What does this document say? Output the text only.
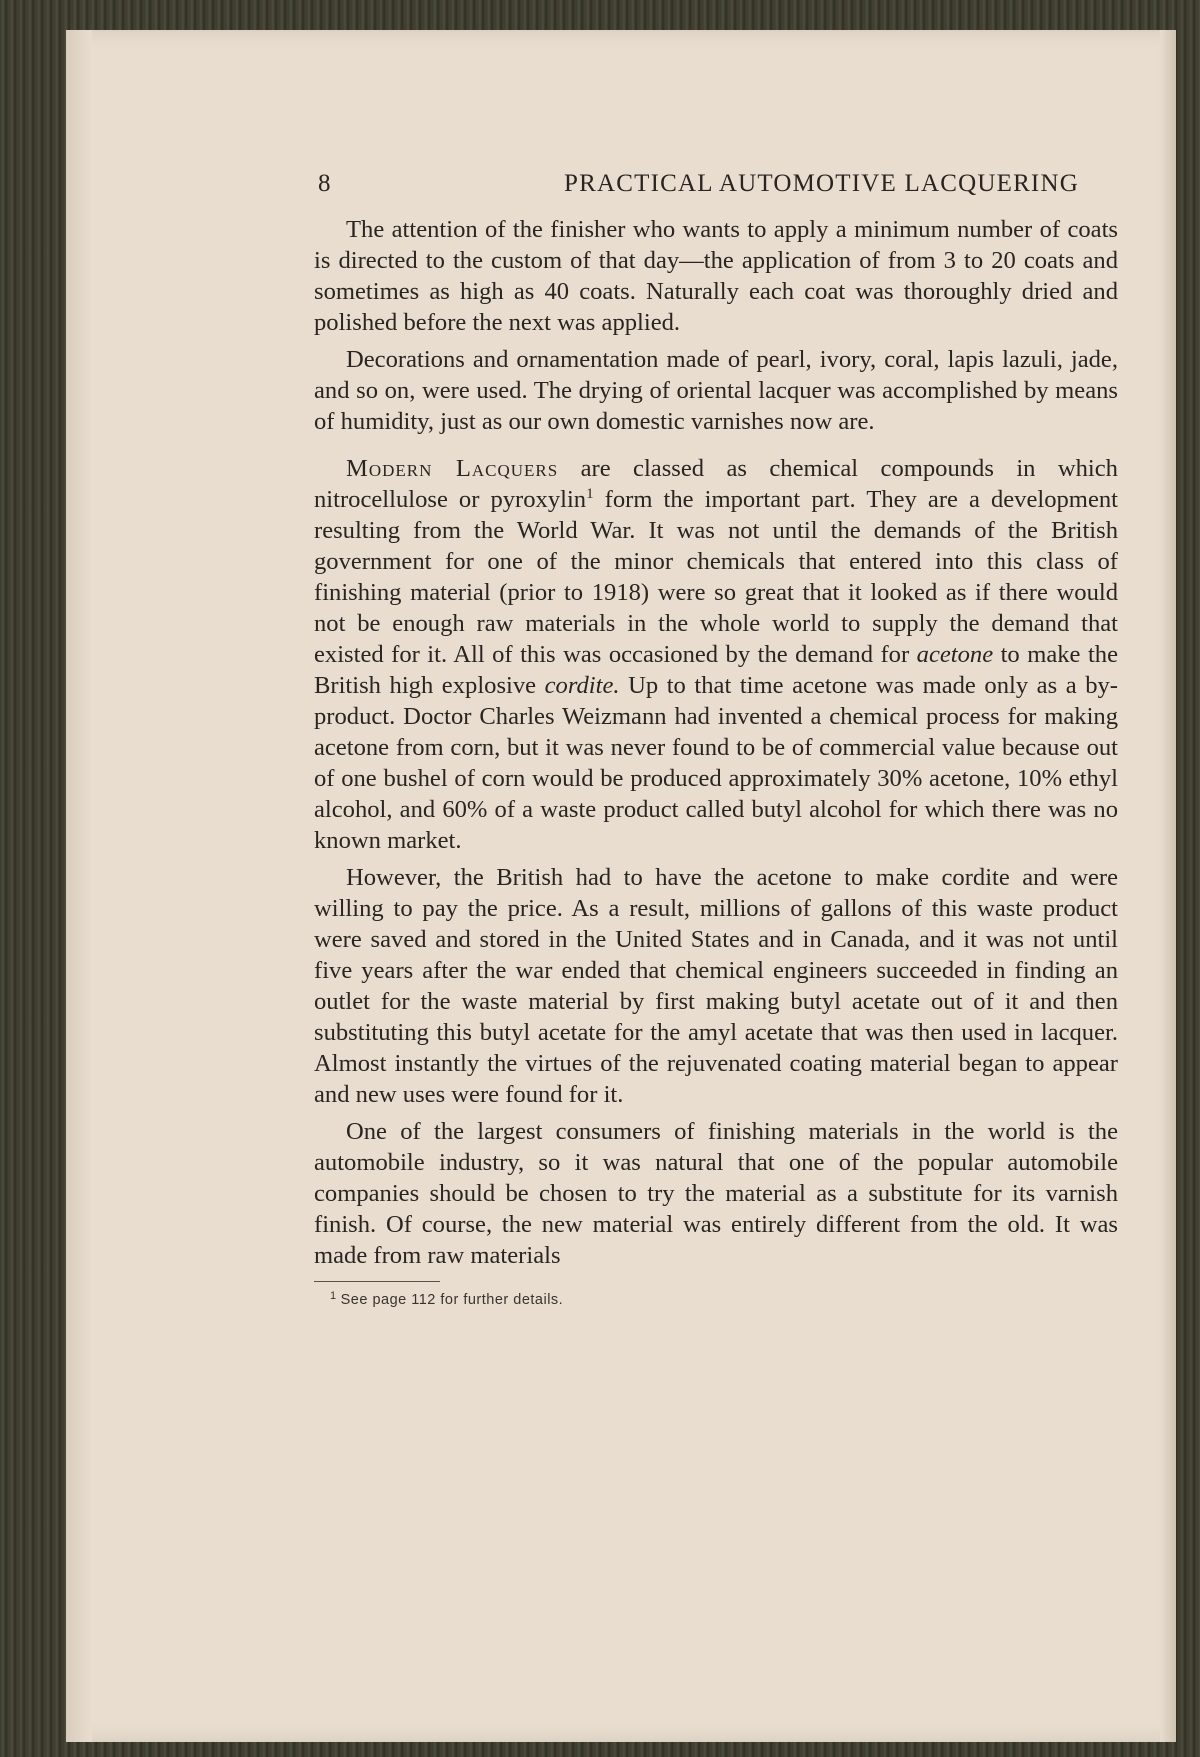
8	PRACTICAL AUTOMOTIVE LACQUERING

The attention of the finisher who wants to apply a minimum number of coats is directed to the custom of that day—the application of from 3 to 20 coats and sometimes as high as 40 coats. Naturally each coat was thoroughly dried and polished before the next was applied.

Decorations and ornamentation made of pearl, ivory, coral, lapis lazuli, jade, and so on, were used. The drying of oriental lacquer was accomplished by means of humidity, just as our own domestic varnishes now are.

Modern Lacquers are classed as chemical compounds in which nitrocellulose or pyroxylin$^1$ form the important part. They are a development resulting from the World War. It was not until the demands of the British government for one of the minor chemicals that entered into this class of finishing material (prior to 1918) were so great that it looked as if there would not be enough raw materials in the whole world to supply the demand that existed for it. All of this was occasioned by the demand for acetone to make the British high explosive cordite. Up to that time acetone was made only as a by-product. Doctor Charles Weizmann had invented a chemical process for making acetone from corn, but it was never found to be of commercial value because out of one bushel of corn would be produced approximately 30% acetone, 10% ethyl alcohol, and 60% of a waste product called butyl alcohol for which there was no known market.

However, the British had to have the acetone to make cordite and were willing to pay the price. As a result, millions of gallons of this waste product were saved and stored in the United States and in Canada, and it was not until five years after the war ended that chemical engineers succeeded in finding an outlet for the waste material by first making butyl acetate out of it and then substituting this butyl acetate for the amyl acetate that was then used in lacquer. Almost instantly the virtues of the rejuvenated coating material began to appear and new uses were found for it.

One of the largest consumers of finishing materials in the world is the automobile industry, so it was natural that one of the popular automobile companies should be chosen to try the material as a substitute for its varnish finish. Of course, the new material was entirely different from the old. It was made from raw materials

$^1$ See page 112 for further details.
